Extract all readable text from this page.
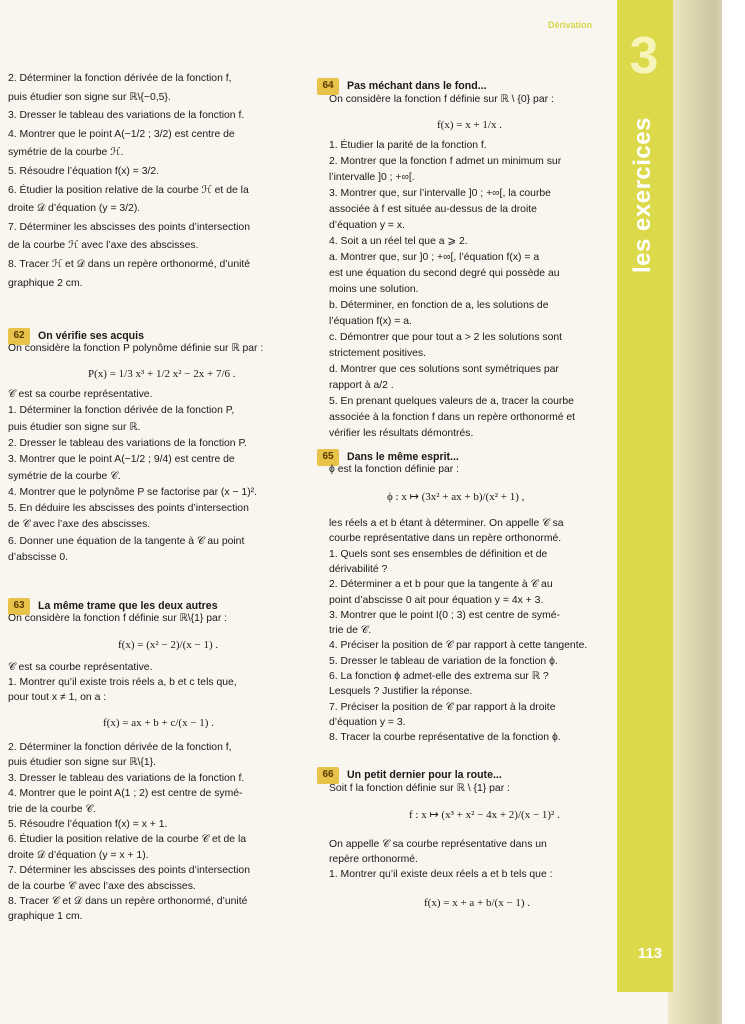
3
les exercices
113
Dérivation
2. Déterminer la fonction dérivée de la fonction f,
puis étudier son signe sur ℝ\{−0,5}.
3. Dresser le tableau des variations de la fonction f.
4. Montrer que le point A(−1/2 ; 3/2) est centre de
symétrie de la courbe ℋ.
5. Résoudre l’équation f(x) = 3/2.
6. Étudier la position relative de la courbe ℋ et de la
droite 𝒟 d’équation (y = 3/2).
7. Déterminer les abscisses des points d’intersection
de la courbe ℋ avec l’axe des abscisses.
8. Tracer ℋ et 𝒟 dans un repère orthonormé, d’unité
graphique 2 cm.
62	On vérifie ses acquis
On considère la fonction P polynôme définie sur ℝ par :
P(x) = 1/3 x³ + 1/2 x² − 2x + 7/6 .
𝒞 est sa courbe représentative.
1. Déterminer la fonction dérivée de la fonction P,
puis étudier son signe sur ℝ.
2. Dresser le tableau des variations de la fonction P.
3. Montrer que le point A(−1/2 ; 9/4) est centre de
symétrie de la courbe 𝒞.
4. Montrer que le polynôme P se factorise par (x − 1)².
5. En déduire les abscisses des points d’intersection
de 𝒞 avec l’axe des abscisses.
6. Donner une équation de la tangente à 𝒞 au point
d’abscisse 0.
63	La même trame que les deux autres
On considère la fonction f définie sur ℝ\{1} par :
f(x) = (x² − 2)/(x − 1) .
𝒞 est sa courbe représentative.
1. Montrer qu’il existe trois réels a, b et c tels que,
pour tout x ≠ 1, on a :
f(x) = ax + b + c/(x − 1) .
2. Déterminer la fonction dérivée de la fonction f,
puis étudier son signe sur ℝ\{1}.
3. Dresser le tableau des variations de la fonction f.
4. Montrer que le point A(1 ; 2) est centre de symé-
trie de la courbe 𝒞.
5. Résoudre l’équation f(x) = x + 1.
6. Étudier la position relative de la courbe 𝒞 et de la
droite 𝒟 d’équation (y = x + 1).
7. Déterminer les abscisses des points d’intersection
de la courbe 𝒞 avec l’axe des abscisses.
8. Tracer 𝒞 et 𝒟 dans un repère orthonormé, d’unité
graphique 1 cm.
64	Pas méchant dans le fond...
On considère la fonction f définie sur ℝ \ {0} par :
f(x) = x + 1/x .
1. Étudier la parité de la fonction f.
2. Montrer que la fonction f admet un minimum sur
l’intervalle ]0 ; +∞[.
3. Montrer que, sur l’intervalle ]0 ; +∞[, la courbe
associée à f est située au-dessus de la droite
d’équation y = x.
4. Soit a un réel tel que a ⩾ 2.
a. Montrer que, sur ]0 ; +∞[, l’équation f(x) = a
est une équation du second degré qui possède au
moins une solution.
b. Déterminer, en fonction de a, les solutions de
l’équation f(x) = a.
c. Démontrer que pour tout a > 2 les solutions sont
strictement positives.
d. Montrer que ces solutions sont symétriques par
rapport à a/2 .
5. En prenant quelques valeurs de a, tracer la courbe
associée à la fonction f dans un repère orthonormé et
vérifier les résultats démontrés.
65	Dans le même esprit...
ϕ est la fonction définie par :
ϕ : x ↦ (3x² + ax + b)/(x² + 1) ,
les réels a et b étant à déterminer. On appelle 𝒞 sa
courbe représentative dans un repère orthonormé.
1. Quels sont ses ensembles de définition et de
dérivabilité ?
2. Déterminer a et b pour que la tangente à 𝒞 au
point d’abscisse 0 ait pour équation y = 4x + 3.
3. Montrer que le point I(0 ; 3) est centre de symé-
trie de 𝒞.
4. Préciser la position de 𝒞 par rapport à cette tangente.
5. Dresser le tableau de variation de la fonction ϕ.
6. La fonction ϕ admet-elle des extrema sur ℝ ?
Lesquels ? Justifier la réponse.
7. Préciser la position de 𝒞 par rapport à la droite
d’équation y = 3.
8. Tracer la courbe représentative de la fonction ϕ.
66	Un petit dernier pour la route...
Soit f la fonction définie sur ℝ \ {1} par :
f : x ↦ (x³ + x² − 4x + 2)/(x − 1)² .
On appelle 𝒞 sa courbe représentative dans un
repère orthonormé.
1. Montrer qu’il existe deux réels a et b tels que :
f(x) = x + a + b/(x − 1) .
